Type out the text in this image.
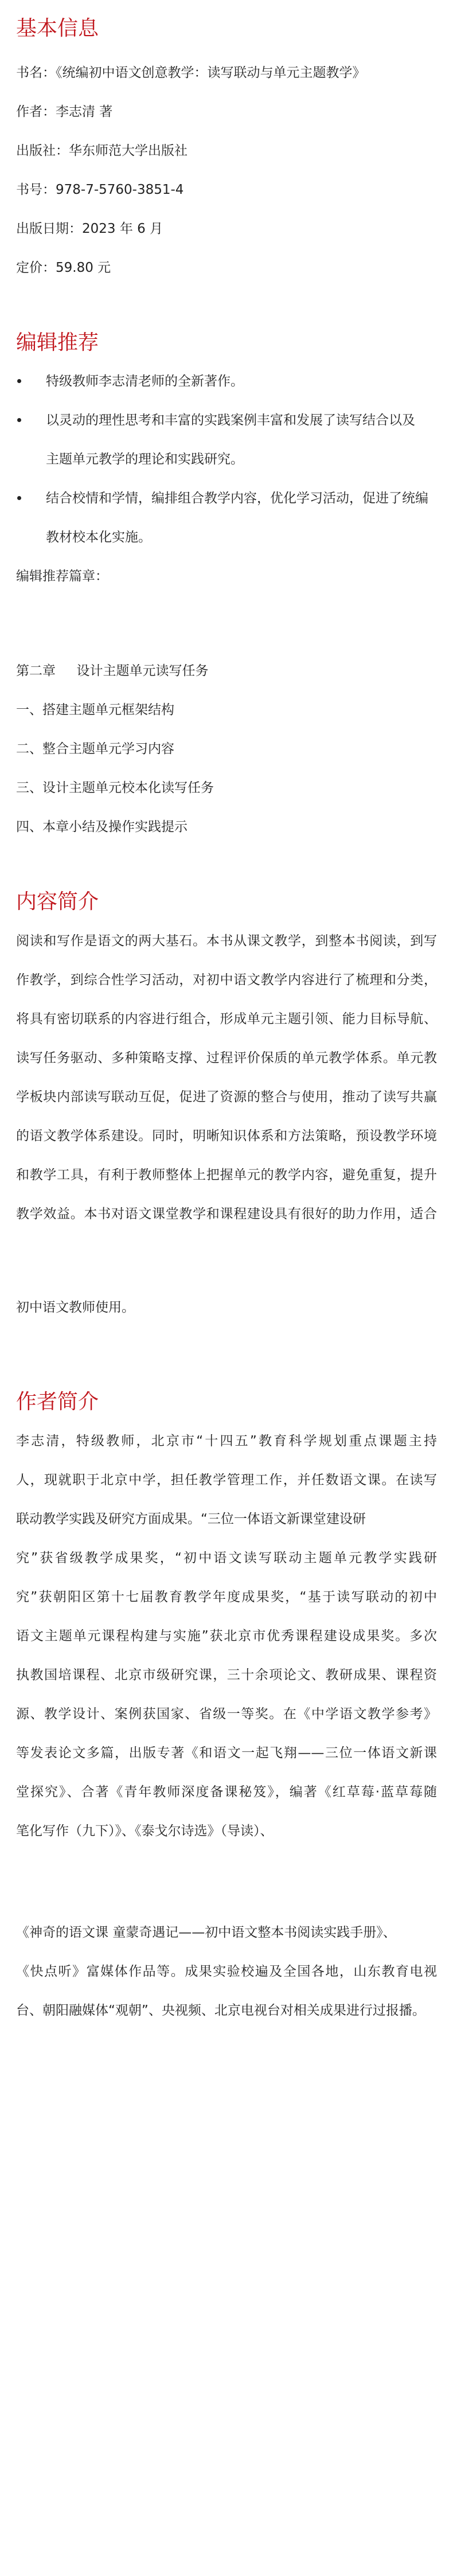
基本信息

书名：《统编初中语文创意教学：读写联动与单元主题教学》

作者：李志清 著

出版社：华东师范大学出版社

书号：978-7-5760-3851-4

出版日期：2023 年 6 月

定价：59.80 元

编辑推荐

特级教师李志清老师的全新著作。

以灵动的理性思考和丰富的实践案例丰富和发展了读写结合以及

主题单元教学的理论和实践研究。

结合校情和学情，编排组合教学内容，优化学习活动，促进了统编

教材校本化实施。

编辑推荐篇章：

第二章     设计主题单元读写任务

一、搭建主题单元框架结构

二、整合主题单元学习内容

三、设计主题单元校本化读写任务

四、本章小结及操作实践提示

内容简介

阅读和写作是语文的两大基石。本书从课文教学，到整本书阅读，到写

作教学，到综合性学习活动，对初中语文教学内容进行了梳理和分类，

将具有密切联系的内容进行组合，形成单元主题引领、能力目标导航、

读写任务驱动、多种策略支撑、过程评价保质的单元教学体系。单元教

学板块内部读写联动互促，促进了资源的整合与使用，推动了读写共赢

的语文教学体系建设。同时，明晰知识体系和方法策略，预设教学环境

和教学工具，有利于教师整体上把握单元的教学内容，避免重复，提升

教学效益。本书对语文课堂教学和课程建设具有很好的助力作用，适合

初中语文教师使用。

作者简介

李志清，特级教师，北京市“十四五”教育科学规划重点课题主持

人，现就职于北京中学，担任教学管理工作，并任数语文课。在读写

联动教学实践及研究方面成果。“三位一体语文新课堂建设研

究”获省级教学成果奖，“初中语文读写联动主题单元教学实践研

究”获朝阳区第十七届教育教学年度成果奖，“基于读写联动的初中

语文主题单元课程构建与实施”获北京市优秀课程建设成果奖。多次

执教国培课程、北京市级研究课，三十余项论文、教研成果、课程资

源、教学设计、案例获国家、省级一等奖。在《中学语文教学参考》

等发表论文多篇，出版专著《和语文一起飞翔——三位一体语文新课

堂探究》、合著《青年教师深度备课秘笈》，编著《红草莓·蓝草莓随

笔化写作（九下）》、《泰戈尔诗选》（导读）、

《神奇的语文课 童蒙奇遇记——初中语文整本书阅读实践手册》、

《快点听》富媒体作品等。成果实验校遍及全国各地，山东教育电视

台、朝阳融媒体“观朝”、央视频、北京电视台对相关成果进行过报播。
